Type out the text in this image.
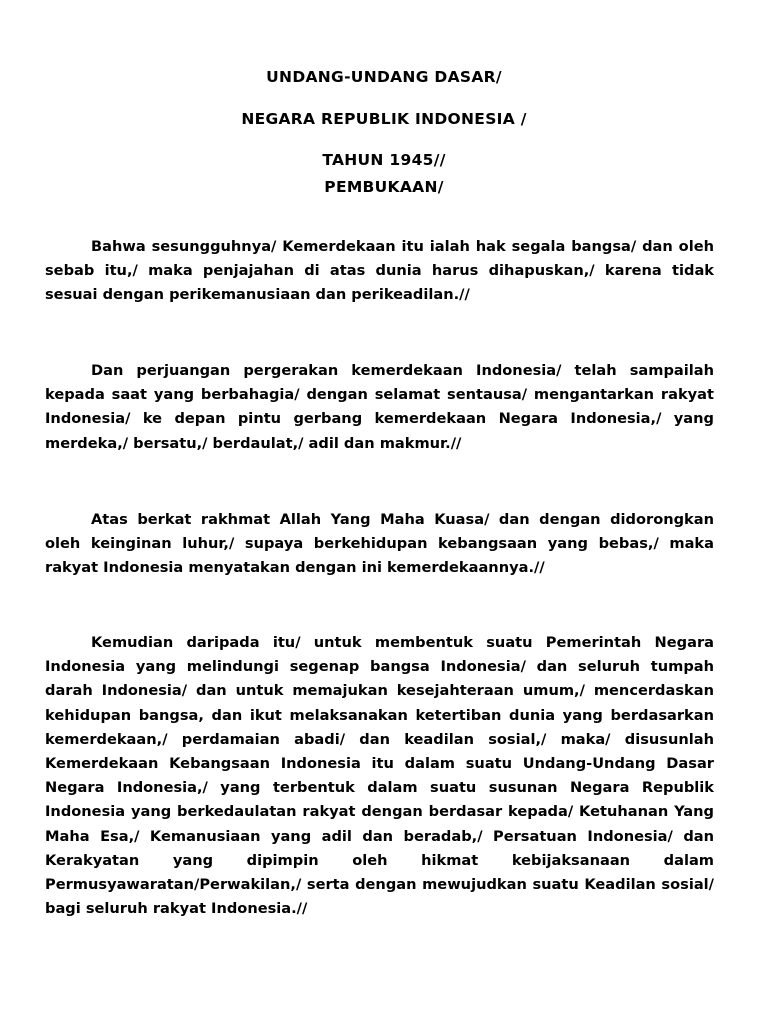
UNDANG-UNDANG DASAR/
NEGARA REPUBLIK INDONESIA /
TAHUN 1945//
PEMBUKAAN/

Bahwa sesungguhnya/ Kemerdekaan itu ialah hak segala bangsa/ dan oleh sebab itu,/ maka penjajahan di atas dunia harus dihapuskan,/ karena tidak sesuai dengan perikemanusiaan dan perikeadilan.//

Dan perjuangan pergerakan kemerdekaan Indonesia/ telah sampailah kepada saat yang berbahagia/ dengan selamat sentausa/ mengantarkan rakyat Indonesia/ ke depan pintu gerbang kemerdekaan Negara Indonesia,/ yang merdeka,/ bersatu,/ berdaulat,/ adil dan makmur.//

Atas berkat rakhmat Allah Yang Maha Kuasa/ dan dengan didorongkan oleh keinginan luhur,/ supaya berkehidupan kebangsaan yang bebas,/ maka rakyat Indonesia menyatakan dengan ini kemerdekaannya.//

Kemudian daripada itu/ untuk membentuk suatu Pemerintah Negara Indonesia yang melindungi segenap bangsa Indonesia/ dan seluruh tumpah darah Indonesia/ dan untuk memajukan kesejahteraan umum,/ mencerdaskan kehidupan bangsa, dan ikut melaksanakan ketertiban dunia yang berdasarkan kemerdekaan,/ perdamaian abadi/ dan keadilan sosial,/ maka/ disusunlah Kemerdekaan Kebangsaan Indonesia itu dalam suatu Undang-Undang Dasar Negara Indonesia,/ yang terbentuk dalam suatu susunan Negara Republik Indonesia yang berkedaulatan rakyat dengan berdasar kepada/ Ketuhanan Yang Maha Esa,/ Kemanusiaan yang adil dan beradab,/ Persatuan Indonesia/ dan Kerakyatan yang dipimpin oleh hikmat kebijaksanaan dalam Permusyawaratan/Perwakilan,/ serta dengan mewujudkan suatu Keadilan sosial/ bagi seluruh rakyat Indonesia.//
